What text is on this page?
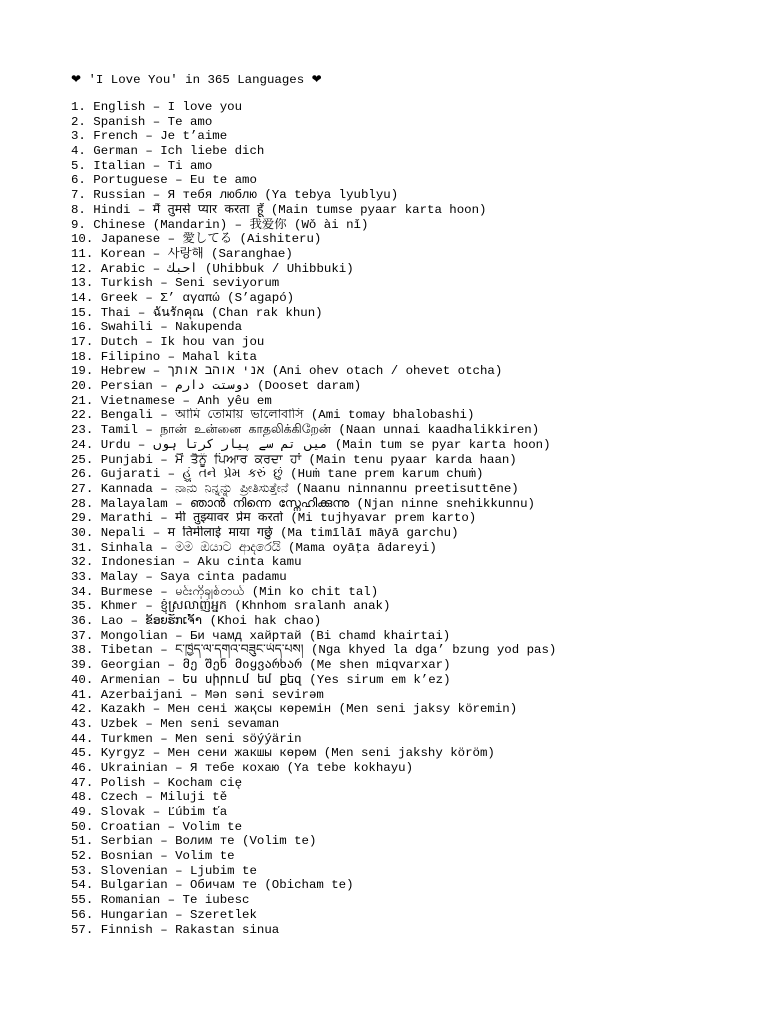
❤ 'I Love You' in 365 Languages ❤
1. English – I love you
2. Spanish – Te amo
3. French – Je t’aime
4. German – Ich liebe dich
5. Italian – Ti amo
6. Portuguese – Eu te amo
7. Russian – Я тебя люблю (Ya tebya lyublyu)
8. Hindi – मैं तुमसे प्यार करता हूँ (Main tumse pyaar karta hoon)
9. Chinese (Mandarin) – 我爱你 (Wǒ ài nǐ)
10. Japanese – 愛してる (Aishiteru)
11. Korean – 사랑해 (Saranghae)
12. Arabic – أحبك (Uhibbuk / Uhibbuki)
13. Turkish – Seni seviyorum
14. Greek – Σ’ αγαπώ (S’agapó)
15. Thai – ฉันรักคุณ (Chan rak khun)
16. Swahili – Nakupenda
17. Dutch – Ik hou van jou
18. Filipino – Mahal kita
19. Hebrew – אני אוהב אותך (Ani ohev otach / ohevet otcha)
20. Persian – دوستت دارم (Dooset daram)
21. Vietnamese – Anh yêu em
22. Bengali – আমি তোমায় ভালোবাসি (Ami tomay bhalobashi)
23. Tamil – நான் உன்னை காதலிக்கிறேன் (Naan unnai kaadhalikkiren)
24. Urdu – میں تم سے پیار کرتا ہوں (Main tum se pyar karta hoon)
25. Punjabi – ਮੈਂ ਤੈਨੂੰ ਪਿਆਰ ਕਰਦਾ ਹਾਂ (Main tenu pyaar karda haan)
26. Gujarati – હું તને પ્રેમ કરું છું (Huṁ tane prem karum chuṁ)
27. Kannada – ನಾನು ನಿನ್ನನ್ನು ಪ್ರೀತಿಸುತ್ತೇನೆ (Naanu ninnannu preetisuttēne)
28. Malayalam – ഞാൻ നിന്നെ സ്നേഹിക്കുന്നു (Njan ninne snehikkunnu)
29. Marathi – मी तुझ्यावर प्रेम करतो (Mi tujhyavar prem karto)
30. Nepali – म तिमीलाई माया गर्छु (Ma timīlāī māyā garchu)
31. Sinhala – මම ඔයාට ආදරෙයි (Mama oyāṭa ādareyi)
32. Indonesian – Aku cinta kamu
33. Malay – Saya cinta padamu
34. Burmese – မင်းကိုချစ်တယ် (Min ko chit tal)
35. Khmer – ខ្ញុំស្រលាញ់អ្នក (Khnhom sralanh anak)
36. Lao – ຂ້ອຍຮັກເຈົ້າ (Khoi hak chao)
37. Mongolian – Би чамд хайртай (Bi chamd khairtai)
38. Tibetan – ང་ཁྱེད་ལ་དགའ་བཟུང་ཡོད་པས། (Nga khyed la dga’ bzung yod pas)
39. Georgian – მე შენ მიყვარხარ (Me shen miqvarxar)
40. Armenian – Ես սիրում եմ քեզ (Yes sirum em k’ez)
41. Azerbaijani – Mən səni sevirəm
42. Kazakh – Мен сені жақсы көремін (Men seni jaksy köremin)
43. Uzbek – Men seni sevaman
44. Turkmen – Men seni söýýärin
45. Kyrgyz – Мен сени жакшы көрөм (Men seni jakshy köröm)
46. Ukrainian – Я тебе кохаю (Ya tebe kokhayu)
47. Polish – Kocham cię
48. Czech – Miluji tě
49. Slovak – Ľúbim ťa
50. Croatian – Volim te
51. Serbian – Волим те (Volim te)
52. Bosnian – Volim te
53. Slovenian – Ljubim te
54. Bulgarian – Обичам те (Obicham te)
55. Romanian – Te iubesc
56. Hungarian – Szeretlek
57. Finnish – Rakastan sinua
